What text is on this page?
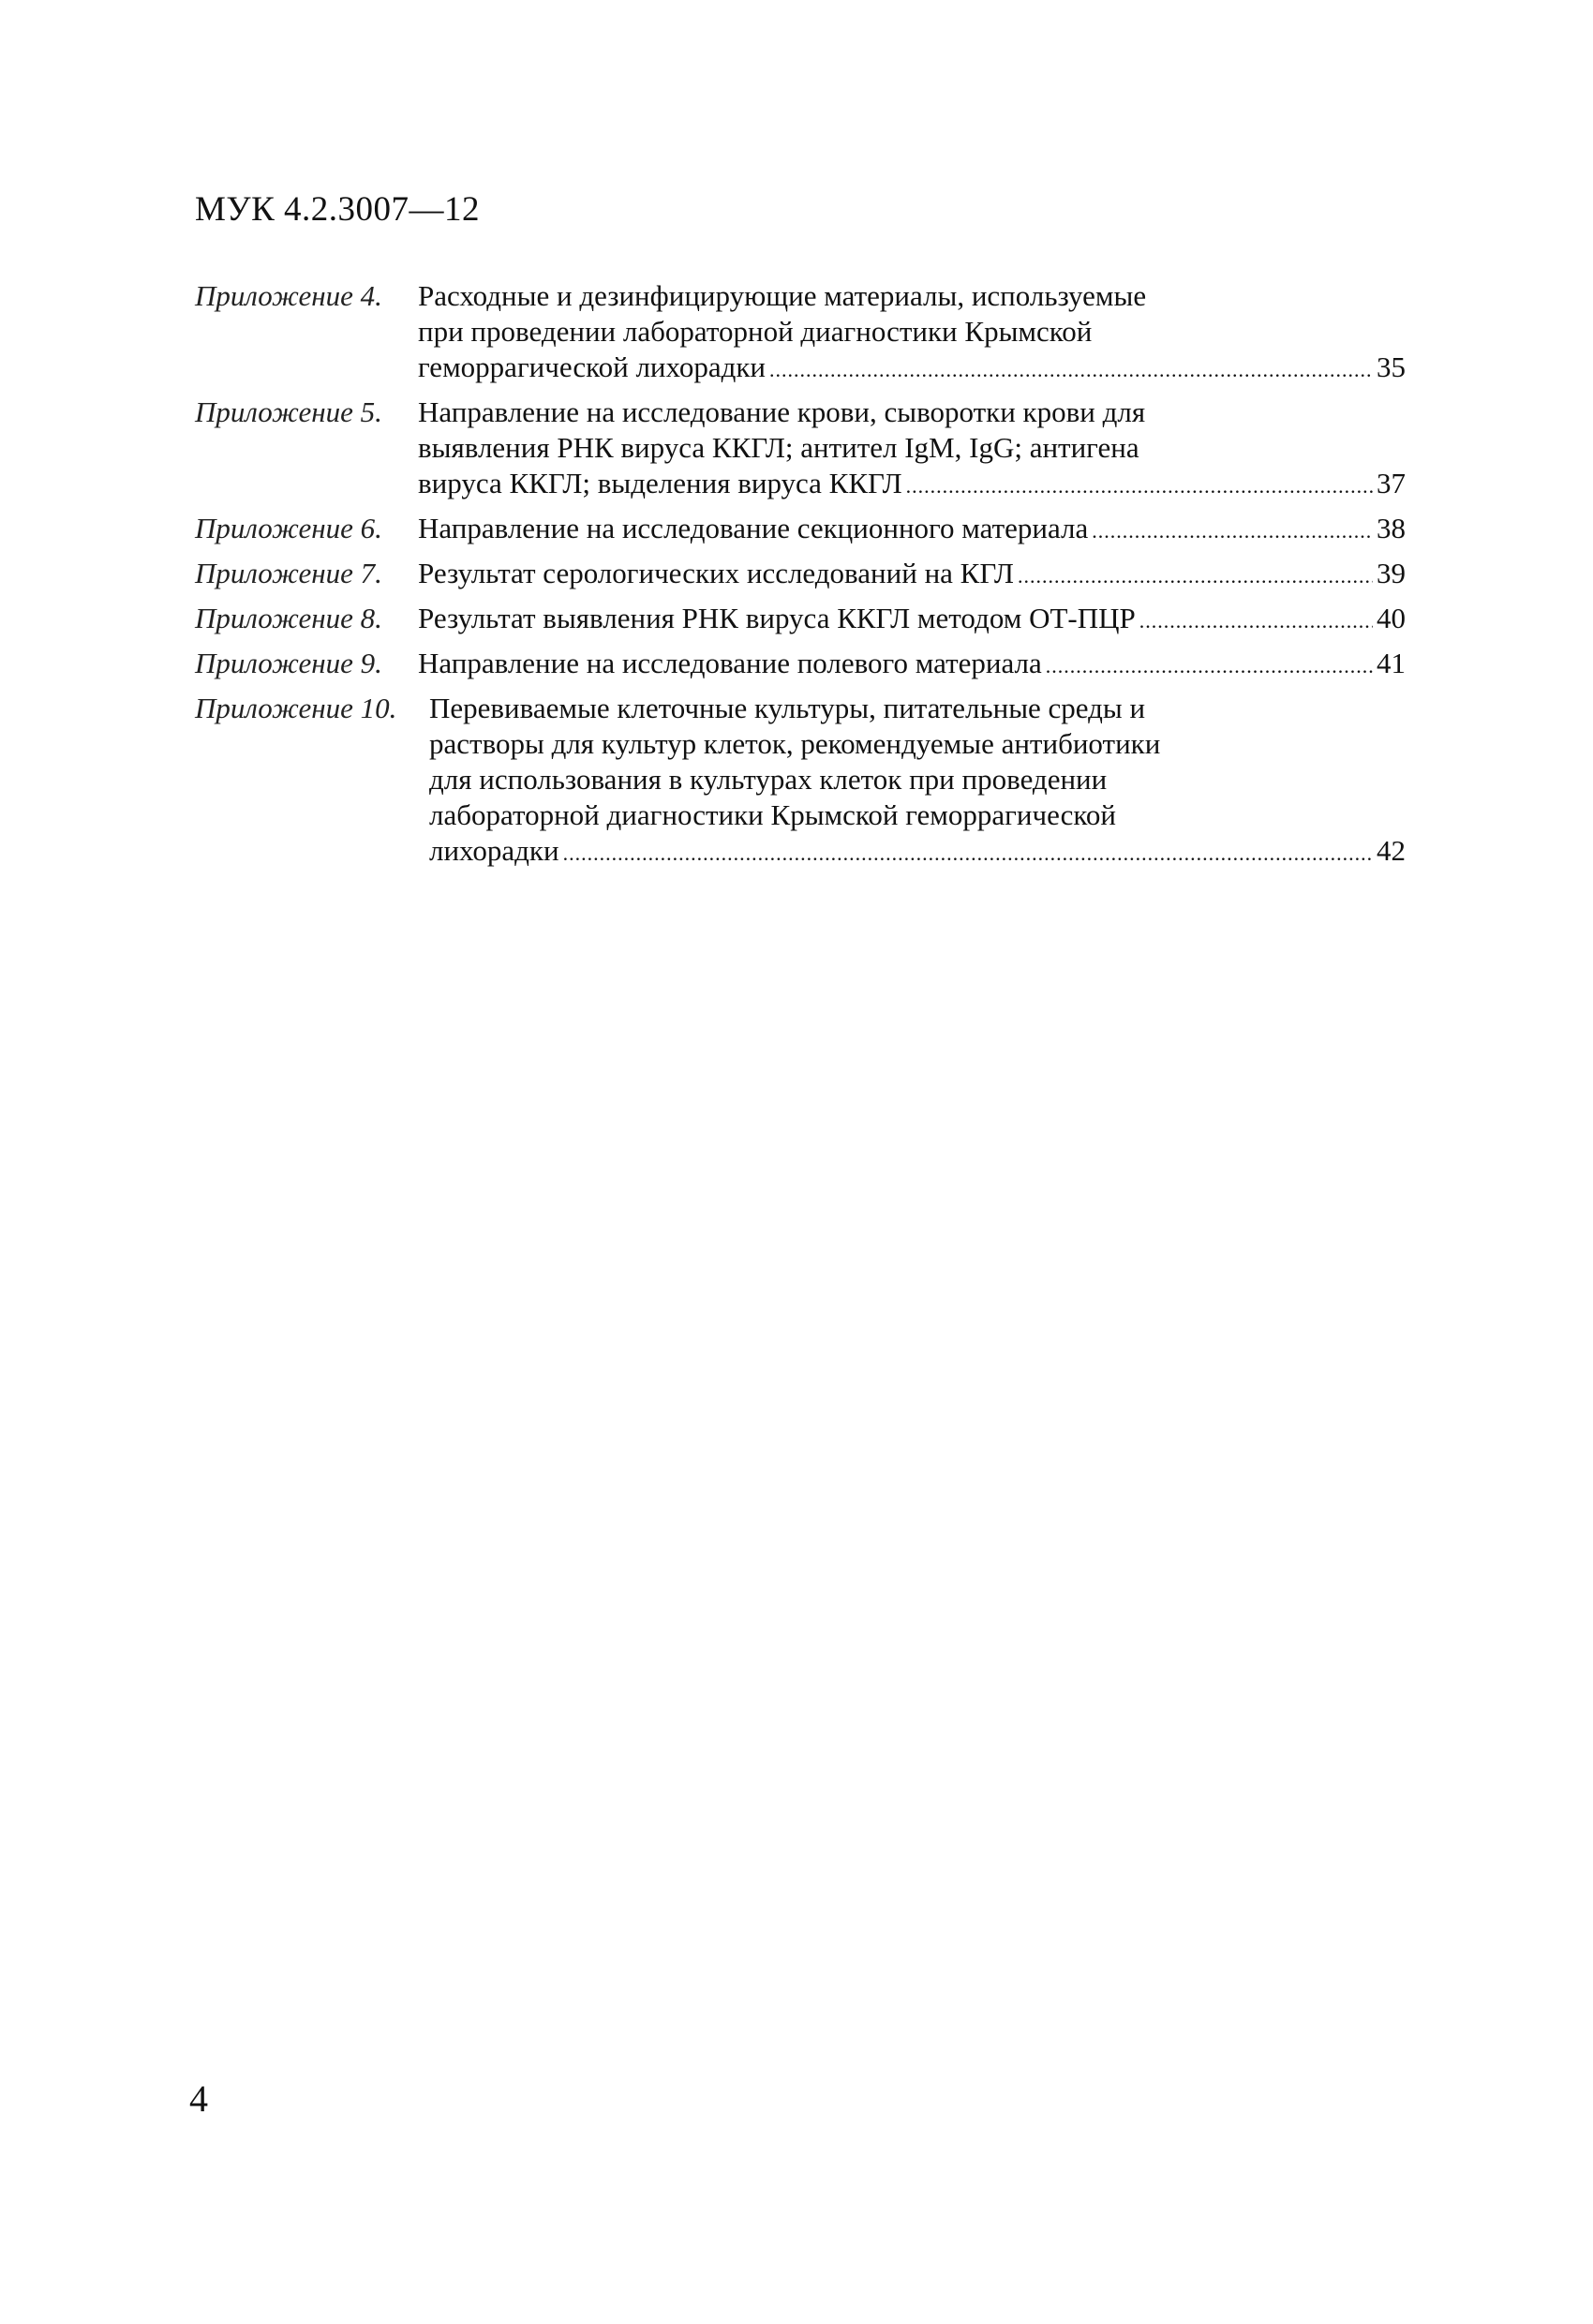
МУК 4.2.3007—12
Приложение 4. Расходные и дезинфицирующие материалы, используемые
при проведении лабораторной диагностики Крымской
геморрагической лихорадки .....	35
Приложение 5. Направление на исследование крови, сыворотки крови для
выявления РНК вируса ККГЛ; антител IgM, IgG; антигена
вируса ККГЛ; выделения вируса ККГЛ .....	37
Приложение 6. Направление на исследование секционного материала .....	38
Приложение 7. Результат серологических исследований на КГЛ .....	39
Приложение 8. Результат выявления РНК вируса ККГЛ методом ОТ-ПЦР .....	40
Приложение 9. Направление на исследование полевого материала .....	41
Приложение 10. Перевиваемые клеточные культуры, питательные среды и
растворы для культур клеток, рекомендуемые антибиотики
для использования в культурах клеток при проведении
лабораторной диагностики Крымской геморрагической
лихорадки .....	42
4
